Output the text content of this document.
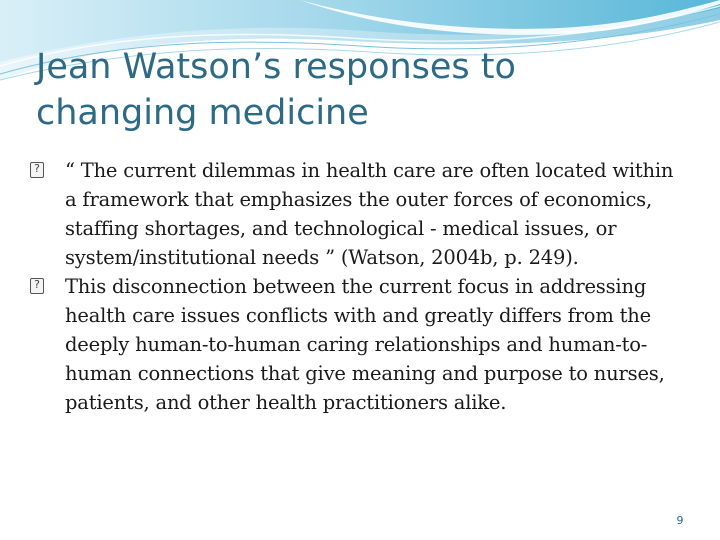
Jean Watson’s responses to changing medicine
?
“ The current dilemmas in health care are often located within a framework that emphasizes the outer forces of economics, staffing shortages, and technological - medical issues, or system/institutional needs ” (Watson, 2004b, p. 249).
?
This disconnection between the current focus in addressing health care issues conflicts with and greatly differs from the deeply human-to-human caring relationships and human-to-human connections that give meaning and purpose to nurses, patients, and other health practitioners alike.
9
